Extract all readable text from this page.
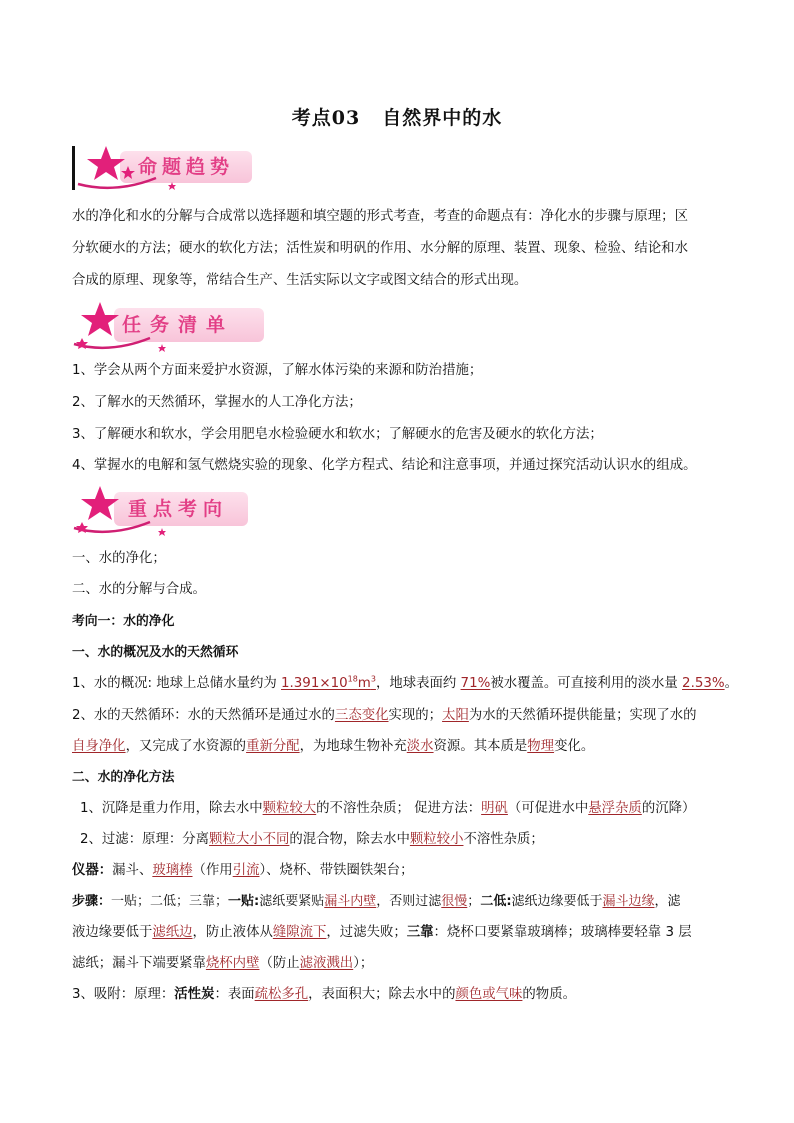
考点03 自然界中的水
命题趋势
水的净化和水的分解与合成常以选择题和填空题的形式考查，考查的命题点有：净化水的步骤与原理；区
分软硬水的方法；硬水的软化方法；活性炭和明矾的作用、水分解的原理、装置、现象、检验、结论和水
合成的原理、现象等，常结合生产、生活实际以文字或图文结合的形式出现。
任务清单
1、学会从两个方面来爱护水资源，了解水体污染的来源和防治措施；
2、了解水的天然循环，掌握水的人工净化方法；
3、了解硬水和软水，学会用肥皂水检验硬水和软水；了解硬水的危害及硬水的软化方法；
4、掌握水的电解和氢气燃烧实验的现象、化学方程式、结论和注意事项，并通过探究活动认识水的组成。
重点考向
一、水的净化；
二、水的分解与合成。
考向一：水的净化
一、水的概况及水的天然循环
1、水的概况: 地球上总储水量约为 $1.391\times 10^{18}m^3$，地球表面约 71%被水覆盖。可直接利用的淡水量 2.53%。
2、水的天然循环：水的天然循环是通过水的三态变化实现的；太阳为水的天然循环提供能量；实现了水的
自身净化，又完成了水资源的重新分配，为地球生物补充淡水资源。其本质是物理变化。
二、水的净化方法
1、沉降是重力作用，除去水中颗粒较大的不溶性杂质； 促进方法：明矾（可促进水中悬浮杂质的沉降）
2、过滤：原理：分离颗粒大小不同的混合物，除去水中颗粒较小不溶性杂质；
仪器：漏斗、玻璃棒（作用引流）、烧杯、带铁圈铁架台；
步骤：一贴；二低；三靠；一贴:滤纸要紧贴漏斗内壁，否则过滤很慢；二低:滤纸边缘要低于漏斗边缘，滤
液边缘要低于滤纸边，防止液体从缝隙流下，过滤失败；三靠：烧杯口要紧靠玻璃棒；玻璃棒要轻靠 3 层
滤纸；漏斗下端要紧靠烧杯内壁（防止滤液溅出）；
3、吸附：原理：活性炭：表面疏松多孔，表面积大；除去水中的颜色或气味的物质。
